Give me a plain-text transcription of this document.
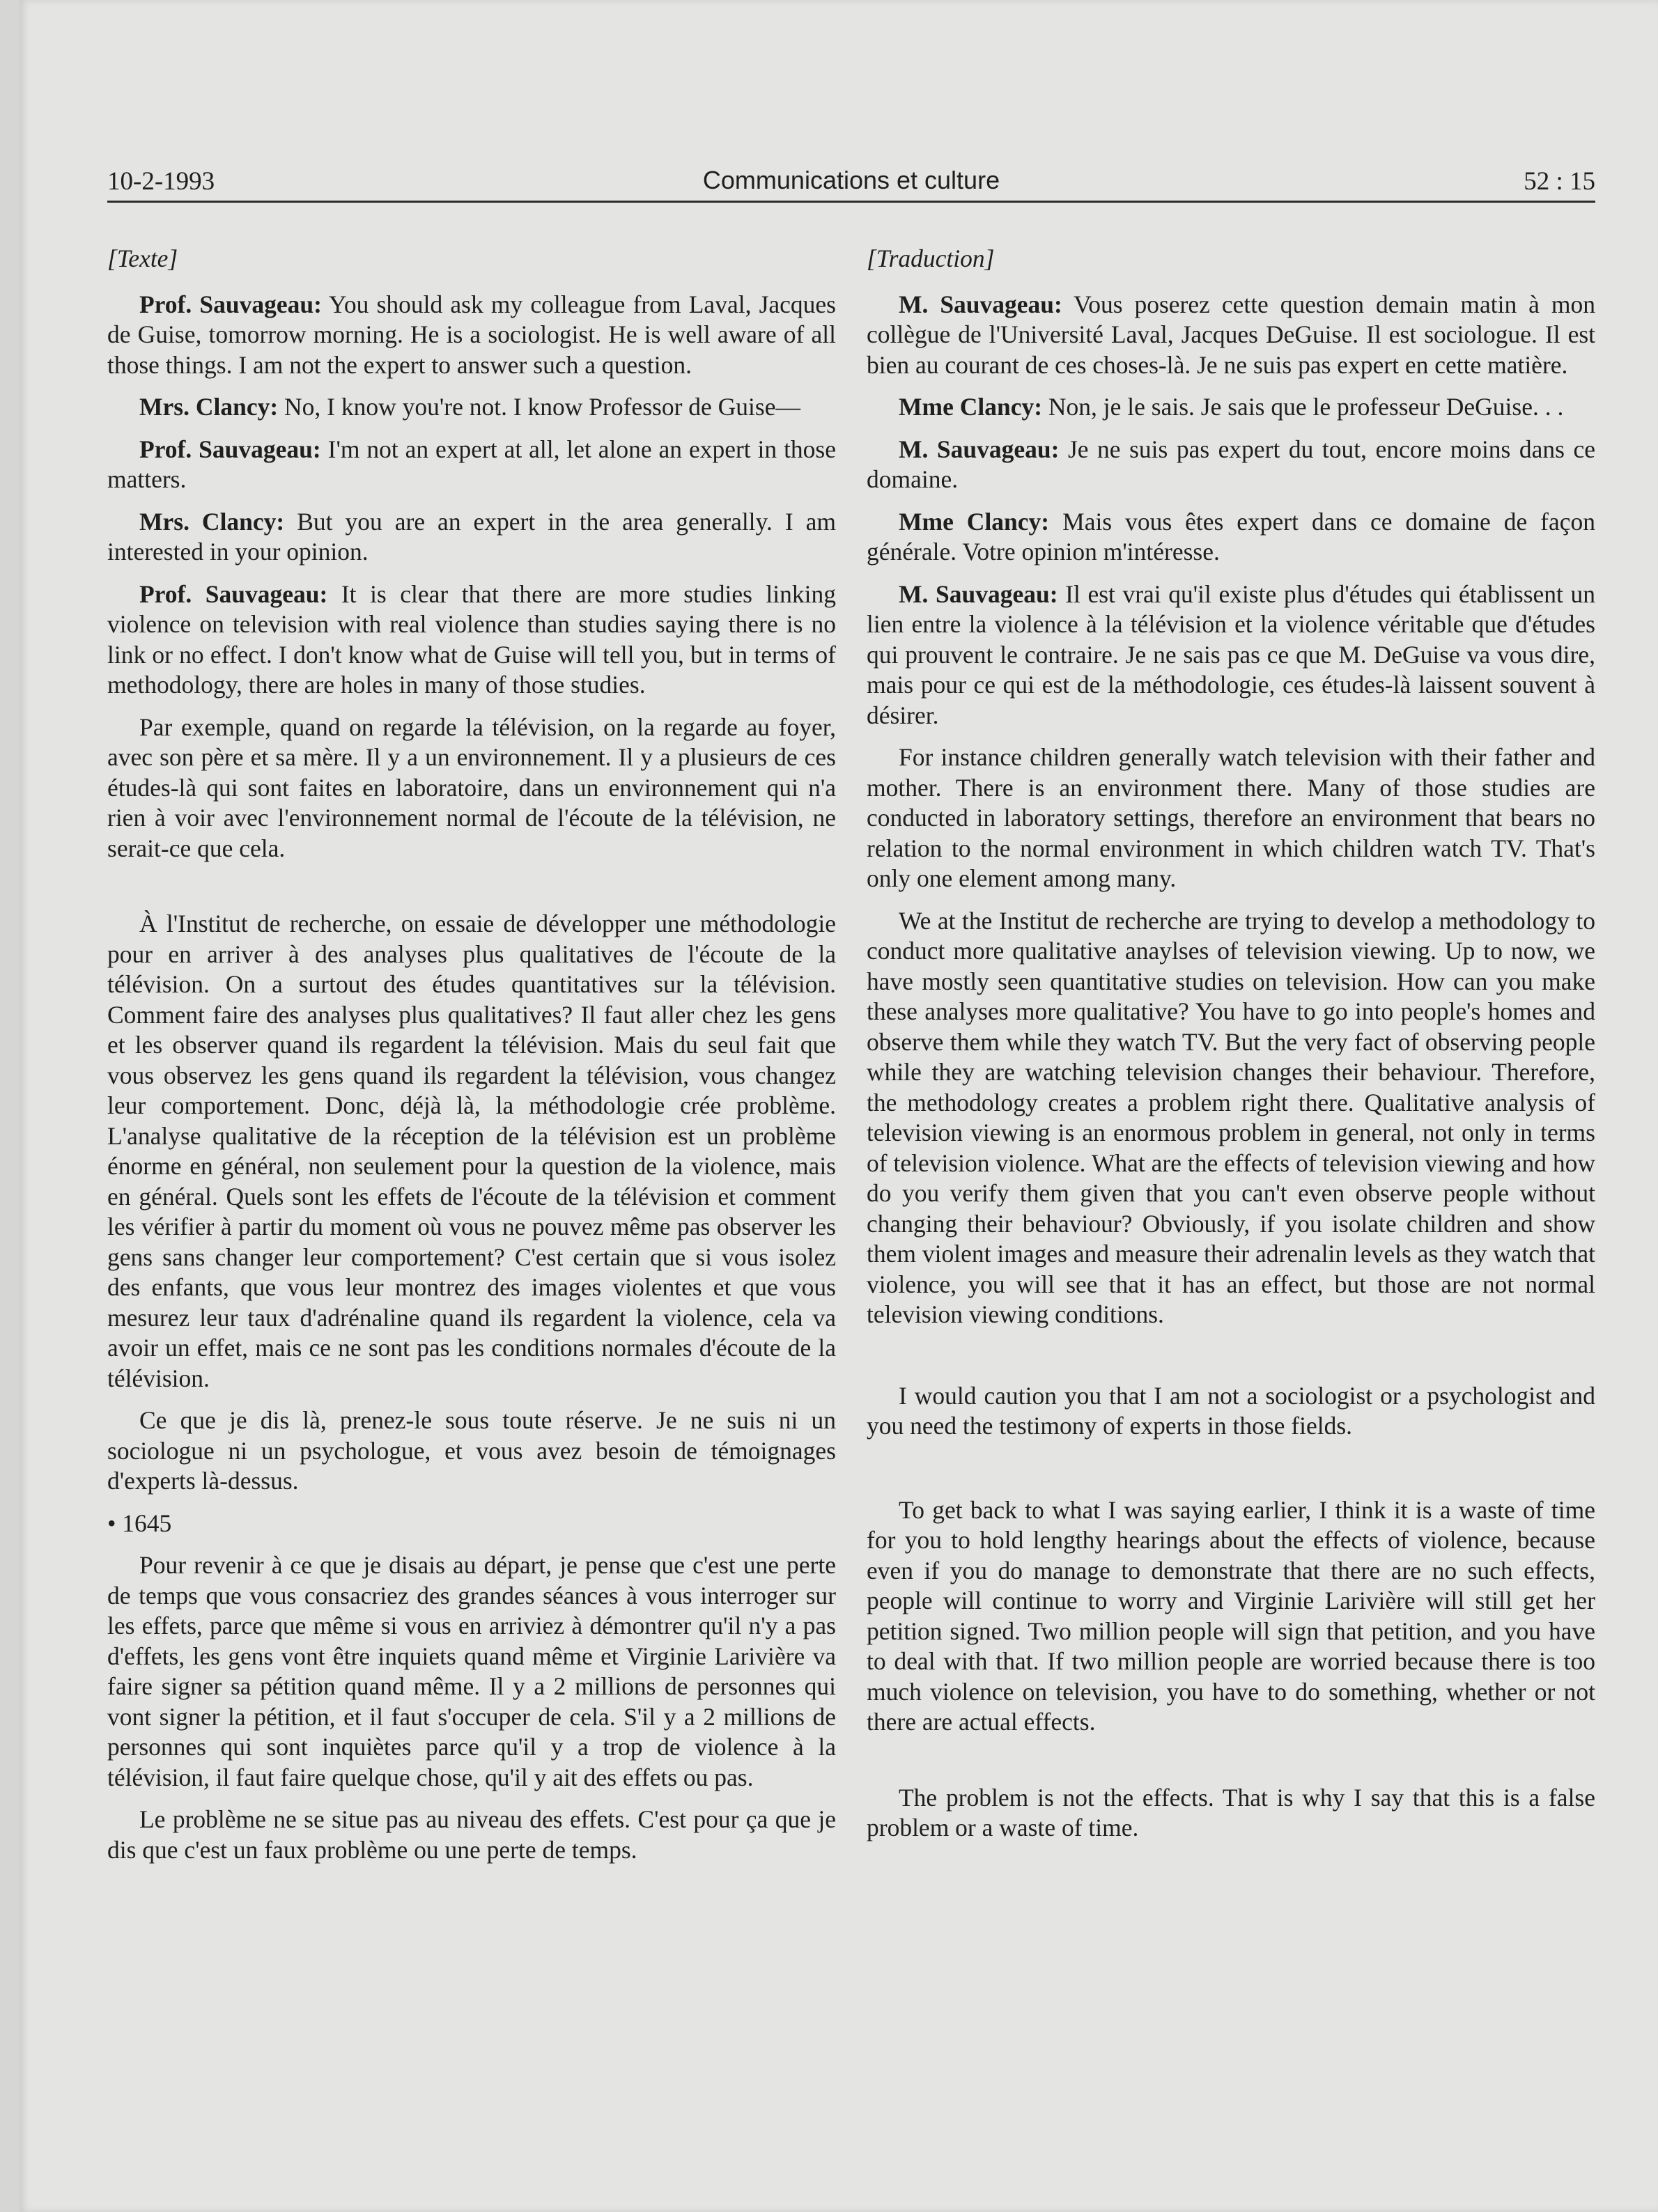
10-2-1993	Communications et culture	52 : 15

[Texte]

Prof. Sauvageau: You should ask my colleague from Laval, Jacques de Guise, tomorrow morning. He is a sociologist. He is well aware of all those things. I am not the expert to answer such a question.

Mrs. Clancy: No, I know you're not. I know Professor de Guise—

Prof. Sauvageau: I'm not an expert at all, let alone an expert in those matters.

Mrs. Clancy: But you are an expert in the area generally. I am interested in your opinion.

Prof. Sauvageau: It is clear that there are more studies linking violence on television with real violence than studies saying there is no link or no effect. I don't know what de Guise will tell you, but in terms of methodology, there are holes in many of those studies.

Par exemple, quand on regarde la télévision, on la regarde au foyer, avec son père et sa mère. Il y a un environnement. Il y a plusieurs de ces études-là qui sont faites en laboratoire, dans un environnement qui n'a rien à voir avec l'environnement normal de l'écoute de la télévision, ne serait-ce que cela.

À l'Institut de recherche, on essaie de développer une méthodologie pour en arriver à des analyses plus qualitatives de l'écoute de la télévision. On a surtout des études quantitatives sur la télévision. Comment faire des analyses plus qualitatives? Il faut aller chez les gens et les observer quand ils regardent la télévision. Mais du seul fait que vous observez les gens quand ils regardent la télévision, vous changez leur comportement. Donc, déjà là, la méthodologie crée problème. L'analyse qualitative de la réception de la télévision est un problème énorme en général, non seulement pour la question de la violence, mais en général. Quels sont les effets de l'écoute de la télévision et comment les vérifier à partir du moment où vous ne pouvez même pas observer les gens sans changer leur comportement? C'est certain que si vous isolez des enfants, que vous leur montrez des images violentes et que vous mesurez leur taux d'adrénaline quand ils regardent la violence, cela va avoir un effet, mais ce ne sont pas les conditions normales d'écoute de la télévision.

Ce que je dis là, prenez-le sous toute réserve. Je ne suis ni un sociologue ni un psychologue, et vous avez besoin de témoignages d'experts là-dessus.

• 1645

Pour revenir à ce que je disais au départ, je pense que c'est une perte de temps que vous consacriez des grandes séances à vous interroger sur les effets, parce que même si vous en arriviez à démontrer qu'il n'y a pas d'effets, les gens vont être inquiets quand même et Virginie Larivière va faire signer sa pétition quand même. Il y a 2 millions de personnes qui vont signer la pétition, et il faut s'occuper de cela. S'il y a 2 millions de personnes qui sont inquiètes parce qu'il y a trop de violence à la télévision, il faut faire quelque chose, qu'il y ait des effets ou pas.

Le problème ne se situe pas au niveau des effets. C'est pour ça que je dis que c'est un faux problème ou une perte de temps.

[Traduction]

M. Sauvageau: Vous poserez cette question demain matin à mon collègue de l'Université Laval, Jacques DeGuise. Il est sociologue. Il est bien au courant de ces choses-là. Je ne suis pas expert en cette matière.

Mme Clancy: Non, je le sais. Je sais que le professeur DeGuise. . .

M. Sauvageau: Je ne suis pas expert du tout, encore moins dans ce domaine.

Mme Clancy: Mais vous êtes expert dans ce domaine de façon générale. Votre opinion m'intéresse.

M. Sauvageau: Il est vrai qu'il existe plus d'études qui établissent un lien entre la violence à la télévision et la violence véritable que d'études qui prouvent le contraire. Je ne sais pas ce que M. DeGuise va vous dire, mais pour ce qui est de la méthodologie, ces études-là laissent souvent à désirer.

For instance children generally watch television with their father and mother. There is an environment there. Many of those studies are conducted in laboratory settings, therefore an environment that bears no relation to the normal environment in which children watch TV. That's only one element among many.

We at the Institut de recherche are trying to develop a methodology to conduct more qualitative anaylses of television viewing. Up to now, we have mostly seen quantitative studies on television. How can you make these analyses more qualitative? You have to go into people's homes and observe them while they watch TV. But the very fact of observing people while they are watching television changes their behaviour. Therefore, the methodology creates a problem right there. Qualitative analysis of television viewing is an enormous problem in general, not only in terms of television violence. What are the effects of television viewing and how do you verify them given that you can't even observe people without changing their behaviour? Obviously, if you isolate children and show them violent images and measure their adrenalin levels as they watch that violence, you will see that it has an effect, but those are not normal television viewing conditions.

I would caution you that I am not a sociologist or a psychologist and you need the testimony of experts in those fields.

To get back to what I was saying earlier, I think it is a waste of time for you to hold lengthy hearings about the effects of violence, because even if you do manage to demonstrate that there are no such effects, people will continue to worry and Virginie Larivière will still get her petition signed. Two million people will sign that petition, and you have to deal with that. If two million people are worried because there is too much violence on television, you have to do something, whether or not there are actual effects.

The problem is not the effects. That is why I say that this is a false problem or a waste of time.
